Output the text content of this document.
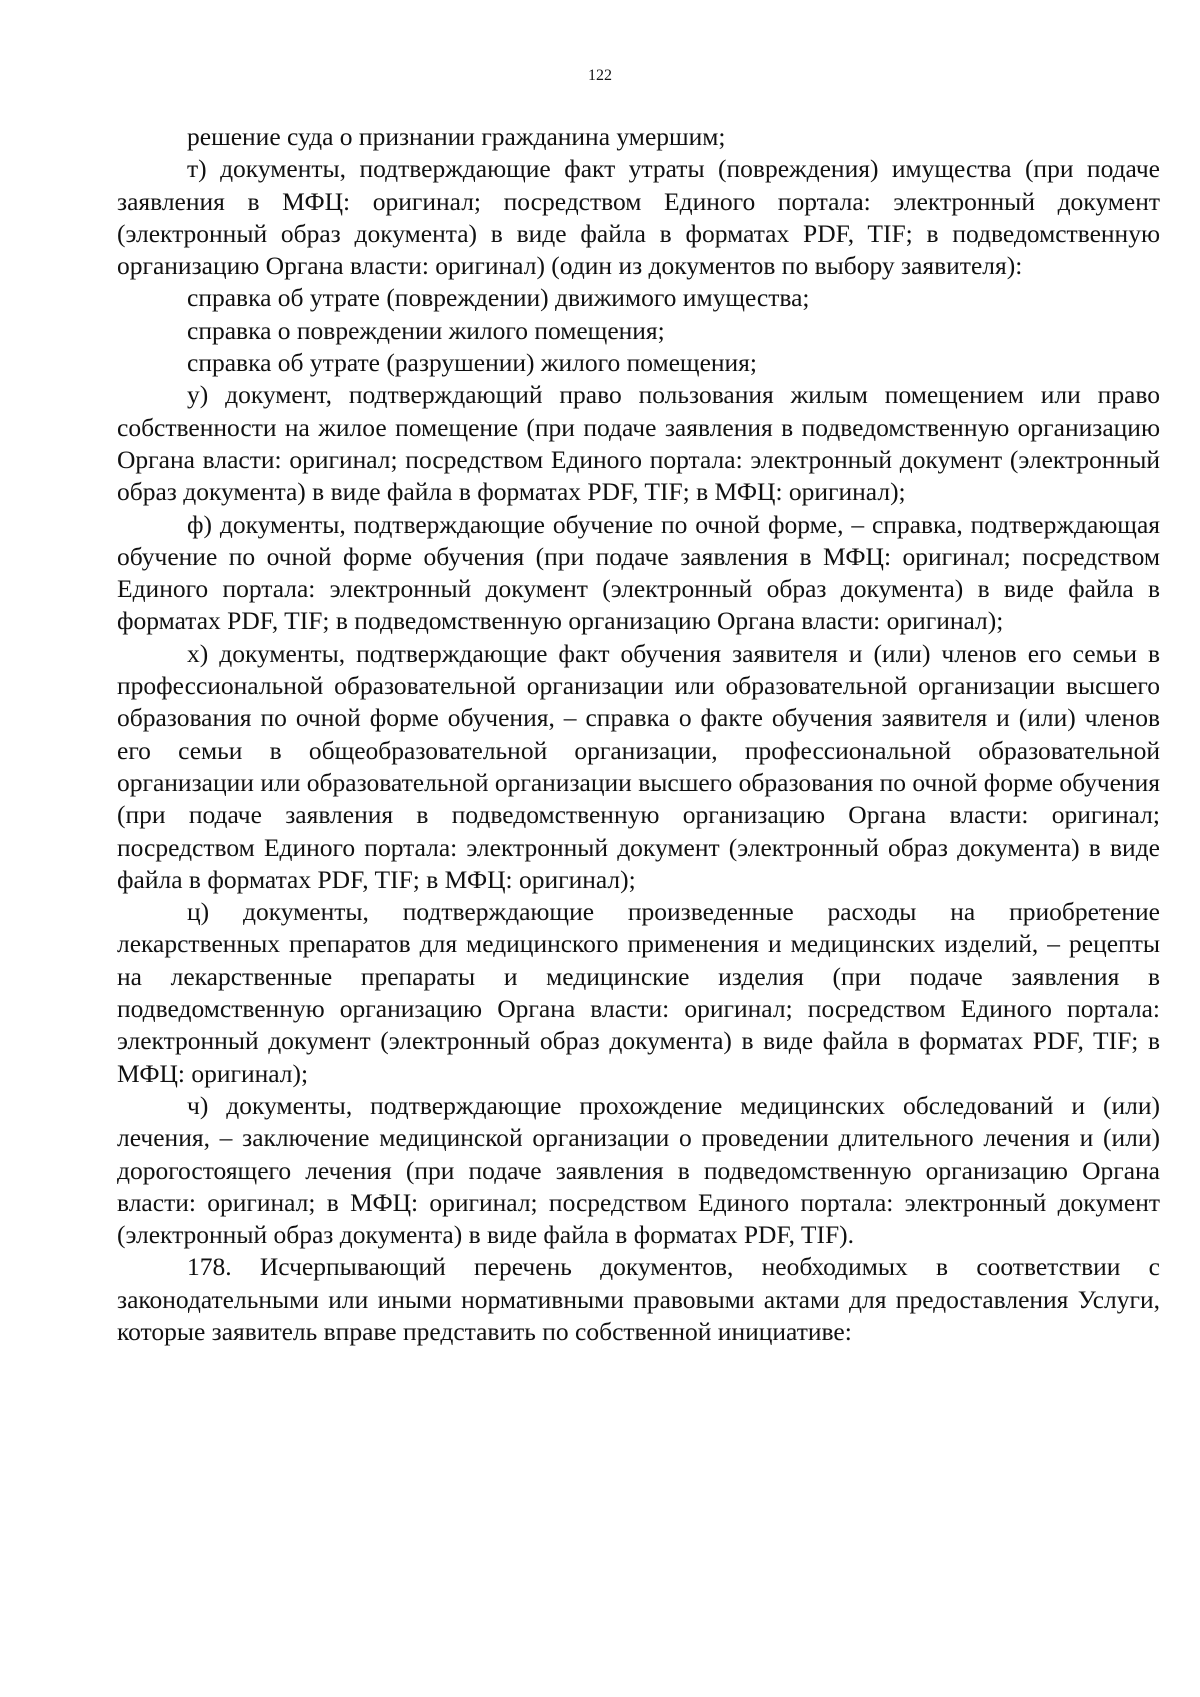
122

решение суда о признании гражданина умершим;

т) документы, подтверждающие факт утраты (повреждения) имущества (при подаче заявления в МФЦ: оригинал; посредством Единого портала: электронный документ (электронный образ документа) в виде файла в форматах PDF, TIF; в подведомственную организацию Органа власти: оригинал) (один из документов по выбору заявителя):

справка об утрате (повреждении) движимого имущества;

справка о повреждении жилого помещения;

справка об утрате (разрушении) жилого помещения;

у) документ, подтверждающий право пользования жилым помещением или право собственности на жилое помещение (при подаче заявления в подведомственную организацию Органа власти: оригинал; посредством Единого портала: электронный документ (электронный образ документа) в виде файла в форматах PDF, TIF; в МФЦ: оригинал);

ф) документы, подтверждающие обучение по очной форме, – справка, подтверждающая обучение по очной форме обучения (при подаче заявления в МФЦ: оригинал; посредством Единого портала: электронный документ (электронный образ документа) в виде файла в форматах PDF, TIF; в подведомственную организацию Органа власти: оригинал);

х) документы, подтверждающие факт обучения заявителя и (или) членов его семьи в профессиональной образовательной организации или образовательной организации высшего образования по очной форме обучения, – справка о факте обучения заявителя и (или) членов его семьи в общеобразовательной организации, профессиональной образовательной организации или образовательной организации высшего образования по очной форме обучения (при подаче заявления в подведомственную организацию Органа власти: оригинал; посредством Единого портала: электронный документ (электронный образ документа) в виде файла в форматах PDF, TIF; в МФЦ: оригинал);

ц) документы, подтверждающие произведенные расходы на приобретение лекарственных препаратов для медицинского применения и медицинских изделий, – рецепты на лекарственные препараты и медицинские изделия (при подаче заявления в подведомственную организацию Органа власти: оригинал; посредством Единого портала: электронный документ (электронный образ документа) в виде файла в форматах PDF, TIF; в МФЦ: оригинал);

ч) документы, подтверждающие прохождение медицинских обследований и (или) лечения, – заключение медицинской организации о проведении длительного лечения и (или) дорогостоящего лечения (при подаче заявления в подведомственную организацию Органа власти: оригинал; в МФЦ: оригинал; посредством Единого портала: электронный документ (электронный образ документа) в виде файла в форматах PDF, TIF).

178. Исчерпывающий перечень документов, необходимых в соответствии с законодательными или иными нормативными правовыми актами для предоставления Услуги, которые заявитель вправе представить по собственной инициативе:
